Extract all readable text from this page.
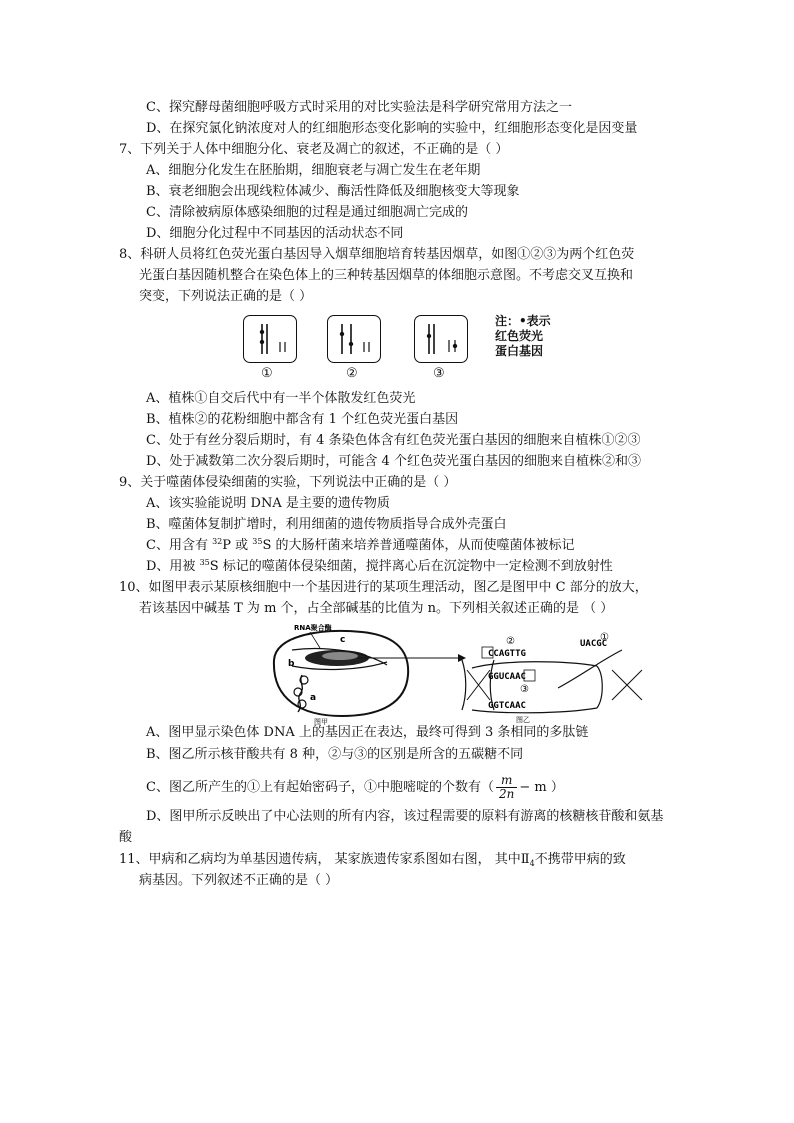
C、探究酵母菌细胞呼吸方式时采用的对比实验法是科学研究常用方法之一
D、在探究氯化钠浓度对人的红细胞形态变化影响的实验中，红细胞形态变化是因变量
7、下列关于人体中细胞分化、衰老及凋亡的叙述，不正确的是（ ）
A、细胞分化发生在胚胎期，细胞衰老与凋亡发生在老年期
B、衰老细胞会出现线粒体减少、酶活性降低及细胞核变大等现象
C、清除被病原体感染细胞的过程是通过细胞凋亡完成的
D、细胞分化过程中不同基因的活动状态不同
8、科研人员将红色荧光蛋白基因导入烟草细胞培育转基因烟草，如图①②③为两个红色荧
光蛋白基因随机整合在染色体上的三种转基因烟草的体细胞示意图。不考虑交叉互换和
突变，下列说法正确的是（ ）
①	②	③
注：•表示
红色荧光
蛋白基因
A、植株①自交后代中有一半个体散发红色荧光
B、植株②的花粉细胞中都含有 1 个红色荧光蛋白基因
C、处于有丝分裂后期时，有 4 条染色体含有红色荧光蛋白基因的细胞来自植株①②③
D、处于减数第二次分裂后期时，可能含 4 个红色荧光蛋白基因的细胞来自植株②和③
9、关于噬菌体侵染细菌的实验，下列说法中正确的是（ ）
A、该实验能说明 DNA 是主要的遗传物质
B、噬菌体复制扩增时，利用细菌的遗传物质指导合成外壳蛋白
C、用含有 $^{32}$P 或 $^{35}$S 的大肠杆菌来培养普通噬菌体，从而使噬菌体被标记
D、用被 $^{35}$S 标记的噬菌体侵染细菌，搅拌离心后在沉淀物中一定检测不到放射性
10、如图甲表示某原核细胞中一个基因进行的某项生理活动，图乙是图甲中 C 部分的放大，
若该基因中碱基 T 为 m 个，占全部碱基的比值为 n。下列相关叙述正确的是 （ ）
RNA聚合酶
c
b
a
图甲
CCAGTTG
GGUCAAC
GGTCAAC
UACGC
②	①
③
图乙
A、图甲显示染色体 DNA 上的基因正在表达，最终可得到 3 条相同的多肽链
B、图乙所示核苷酸共有 8 种，②与③的区别是所含的五碳糖不同
C、图乙所产生的①上有起始密码子，①中胞嘧啶的个数有（ $\frac{m}{2n} - m$ ）
D、图甲所示反映出了中心法则的所有内容，该过程需要的原料有游离的核糖核苷酸和氨基
酸
11、甲病和乙病均为单基因遗传病， 某家族遗传家系图如右图， 其中$Ⅱ_4$不携带甲病的致
病基因。下列叙述不正确的是（ ）
